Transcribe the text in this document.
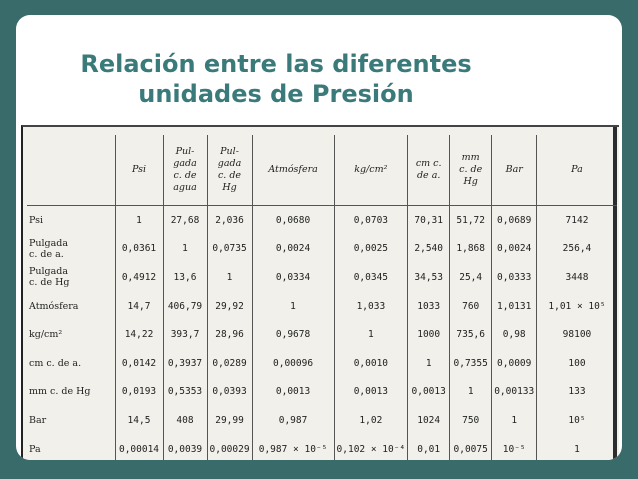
Relación entre las diferentes
unidades de Presión
	Psi	Pul-
gada
c. de
agua	Pul-
gada
c. de
Hg	Atmósfera	kg/cm²	cm c.
de a.	mm
c. de
Hg	Bar	Pa
Psi	1	27,68	2,036	0,0680	0,0703	70,31	51,72	0,0689	7142
Pulgada
c. de a.	0,0361	1	0,0735	0,0024	0,0025	2,540	1,868	0,0024	256,4
Pulgada
c. de Hg	0,4912	13,6	1	0,0334	0,0345	34,53	25,4	0,0333	3448
Atmósfera	14,7	406,79	29,92	1	1,033	1033	760	1,0131	1,01 × 10⁵
kg/cm²	14,22	393,7	28,96	0,9678	1	1000	735,6	0,98	98100
cm c. de a.	0,0142	0,3937	0,0289	0,00096	0,0010	1	0,7355	0,0009	100
mm c. de Hg	0,0193	0,5353	0,0393	0,0013	0,0013	0,0013	1	0,00133	133
Bar	14,5	408	29,99	0,987	1,02	1024	750	1	10⁵
Pa	0,00014	0,0039	0,00029	0,987 × 10⁻⁵	0,102 × 10⁻⁴	0,01	0,0075	10⁻⁵	1
